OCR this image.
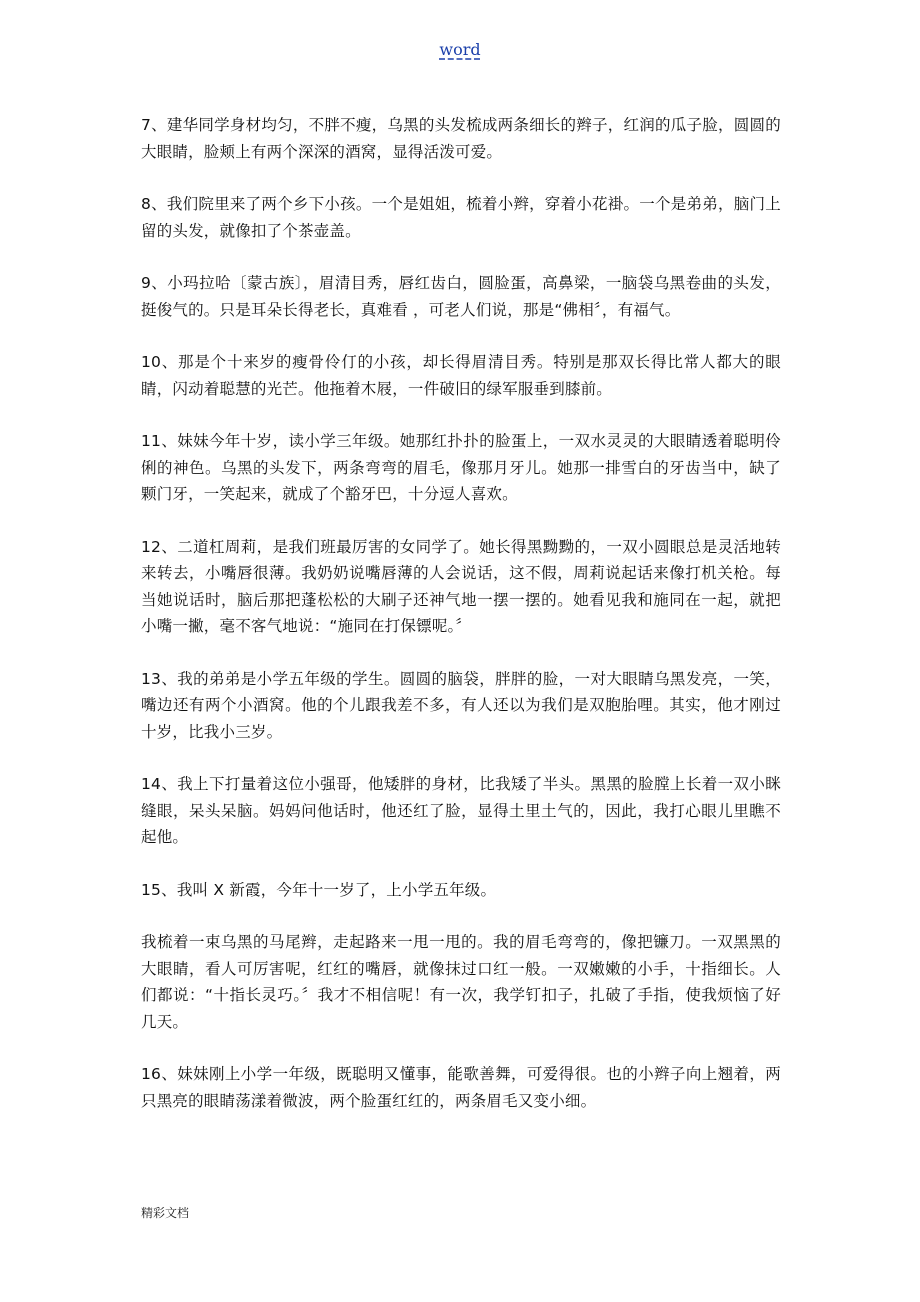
word

7、建华同学身材均匀，不胖不瘦，乌黑的头发梳成两条细长的辫子，红润的瓜子脸，圆圆的大眼睛，脸颊上有两个深深的酒窝，显得活泼可爱。

8、我们院里来了两个乡下小孩。一个是姐姐，梳着小辫，穿着小花褂。一个是弟弟，脑门上留的头发，就像扣了个茶壶盖。

9、小玛拉哈〔蒙古族〕，眉清目秀，唇红齿白，圆脸蛋，高鼻梁，一脑袋乌黑卷曲的头发，挺俊气的。只是耳朵长得老长，真难看 ，可老人们说，那是“佛相〞，有福气。

10、那是个十来岁的瘦骨伶仃的小孩，却长得眉清目秀。特别是那双长得比常人都大的眼睛，闪动着聪慧的光芒。他拖着木屐，一件破旧的绿军服垂到膝前。

11、妹妹今年十岁，读小学三年级。她那红扑扑的脸蛋上，一双水灵灵的大眼睛透着聪明伶俐的神色。乌黑的头发下，两条弯弯的眉毛，像那月牙儿。她那一排雪白的牙齿当中，缺了颗门牙，一笑起来，就成了个豁牙巴，十分逗人喜欢。

12、二道杠周莉，是我们班最厉害的女同学了。她长得黑黝黝的，一双小圆眼总是灵活地转来转去，小嘴唇很薄。我奶奶说嘴唇薄的人会说话，这不假，周莉说起话来像打机关枪。每当她说话时，脑后那把蓬松松的大刷子还神气地一摆一摆的。她看见我和施同在一起，就把小嘴一撇，毫不客气地说：“施同在打保镖呢。〞

13、我的弟弟是小学五年级的学生。圆圆的脑袋，胖胖的脸，一对大眼睛乌黑发亮，一笑，嘴边还有两个小酒窝。他的个儿跟我差不多，有人还以为我们是双胞胎哩。其实，他才刚过十岁，比我小三岁。

14、我上下打量着这位小强哥，他矮胖的身材，比我矮了半头。黑黑的脸膛上长着一双小眯缝眼，呆头呆脑。妈妈问他话时，他还红了脸，显得土里土气的，因此，我打心眼儿里瞧不起他。

15、我叫 X 新霞，今年十一岁了，上小学五年级。

我梳着一束乌黑的马尾辫，走起路来一甩一甩的。我的眉毛弯弯的，像把镰刀。一双黑黑的大眼睛，看人可厉害呢，红红的嘴唇，就像抹过口红一般。一双嫩嫩的小手，十指细长。人们都说：“十指长灵巧。〞我才不相信呢！有一次，我学钉扣子，扎破了手指，使我烦恼了好几天。

16、妹妹刚上小学一年级，既聪明又懂事，能歌善舞，可爱得很。也的小辫子向上翘着，两只黑亮的眼睛荡漾着微波，两个脸蛋红红的，两条眉毛又变小细。

精彩文档
